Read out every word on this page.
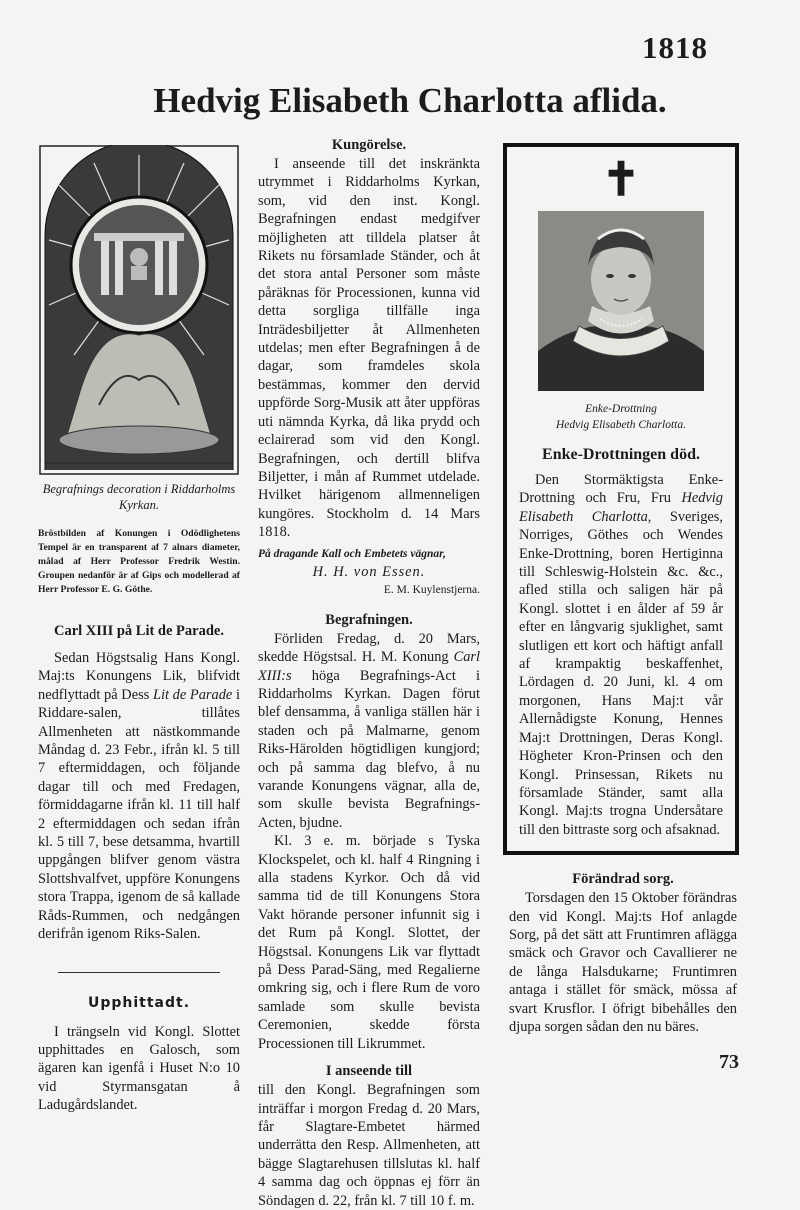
1818
Hedvig Elisabeth Charlotta aflida.
Begrafnings decoration i Riddarholms Kyrkan.
Bröstbilden af Konungen i Odödlighetens Tempel är en transparent af 7 alnars diameter, målad af Herr Professor Fredrik Westin. Groupen nedanför är af Gips och modellerad af Herr Professor E. G. Göthe.
Carl XIII på Lit de Parade.

Sedan Högstsalig Hans Kongl. Maj:ts Konungens Lik, blifvidt nedflyttadt på Dess Lit de Parade i Riddare-salen, tillåtes Allmenheten att nästkommande Måndag d. 23 Febr., ifrån kl. 5 till 7 eftermiddagen, och följande dagar till och med Fredagen, förmiddagarne ifrån kl. 11 till half 2 eftermiddagen och sedan ifrån kl. 5 till 7, bese detsamma, hvartill uppgången blifver genom västra Slottshvalfvet, uppföre Konungens stora Trappa, igenom de så kallade Råds-Rummen, och nedgången derifrån igenom Riks-Salen.

Upphittadt.

I trängseln vid Kongl. Slottet upphittades en Galosch, som ägaren kan igenfå i Huset N:o 10 vid Styrmansgatan å Ladugårdslandet.

Kungörelse.

I anseende till det inskränkta utrymmet i Riddarholms Kyrkan, som, vid den inst. Kongl. Begrafningen endast medgifver möjligheten att tilldela platser åt Rikets nu församlade Ständer, och åt det stora antal Personer som måste påräknas för Processionen, kunna vid detta sorgliga tillfälle inga Inträdesbiljetter åt Allmenheten utdelas; men efter Begrafningen å de dagar, som framdeles skola bestämmas, kommer den dervid uppförde Sorg-Musik att åter uppföras uti nämnda Kyrka, då lika prydd och eclairerad som vid den Kongl. Begrafningen, och dertill blifva Biljetter, i mån af Rummet utdelade. Hvilket härigenom allmenneligen kungöres. Stockholm d. 14 Mars 1818.

På dragande Kall och Embetets vägnar,
H. H. von Essen.
E. M. Kuylenstjerna.
Begrafningen.

Förliden Fredag, d. 20 Mars, skedde Högstsal. H. M. Konung Carl XIII:s höga Begrafnings-Act i Riddarholms Kyrkan. Dagen förut blef densamma, å vanliga ställen här i staden och på Malmarne, genom Riks-Härolden högtidligen kungjord; och på samma dag blefvo, å nu varande Konungens vägnar, alla de, som skulle bevista Begrafnings-Acten, bjudne.

Kl. 3 e. m. började s Tyska Klockspelet, och kl. half 4 Ringning i alla stadens Kyrkor. Och då vid samma tid de till Konungens Stora Vakt hörande personer infunnit sig i det Rum på Kongl. Slottet, der Högstsal. Konungens Lik var flyttadt på Dess Parad-Säng, med Regalierne omkring sig, och i flere Rum de voro samlade som skulle bevista Ceremonien, skedde första Processionen till Likrummet.

I anseende till

till den Kongl. Begrafningen som inträffar i morgon Fredag d. 20 Mars, får Slagtare-Embetet härmed underrätta den Resp. Allmenheten, att bägge Slagtarehusen tillslutas kl. half 4 samma dag och öppnas ej förr än Söndagen d. 22, från kl. 7 till 10 f. m.

✝
Enke-Drottning
Hedvig Elisabeth Charlotta.
Enke-Drottningen död.

Den Stormäktigsta Enke-Drottning och Fru, Fru Hedvig Elisabeth Charlotta, Sveriges, Norriges, Göthes och Wendes Enke-Drottning, boren Hertiginna till Schleswig-Holstein &c. &c., afled stilla och saligen här på Kongl. slottet i en ålder af 59 år efter en långvarig sjuklighet, samt slutligen ett kort och häftigt anfall af krampaktig beskaffenhet, Lördagen d. 20 Juni, kl. 4 om morgonen, Hans Maj:t vår Allernådigste Konung, Hennes Maj:t Drottningen, Deras Kongl. Högheter Kron-Prinsen och den Kongl. Prinsessan, Rikets nu församlade Ständer, samt alla Kongl. Maj:ts trogna Undersåtare till den bittraste sorg och afsaknad.

Förändrad sorg.

Torsdagen den 15 Oktober förändras den vid Kongl. Maj:ts Hof anlagde Sorg, på det sätt att Fruntimren aflägga smäck och Gravor och Cavallierer ne de långa Halsdukarne; Fruntimren antaga i stället för smäck, mössa af svart Krusflor. I öfrigt bibehålles den djupa sorgen sådan den nu bäres.

73
